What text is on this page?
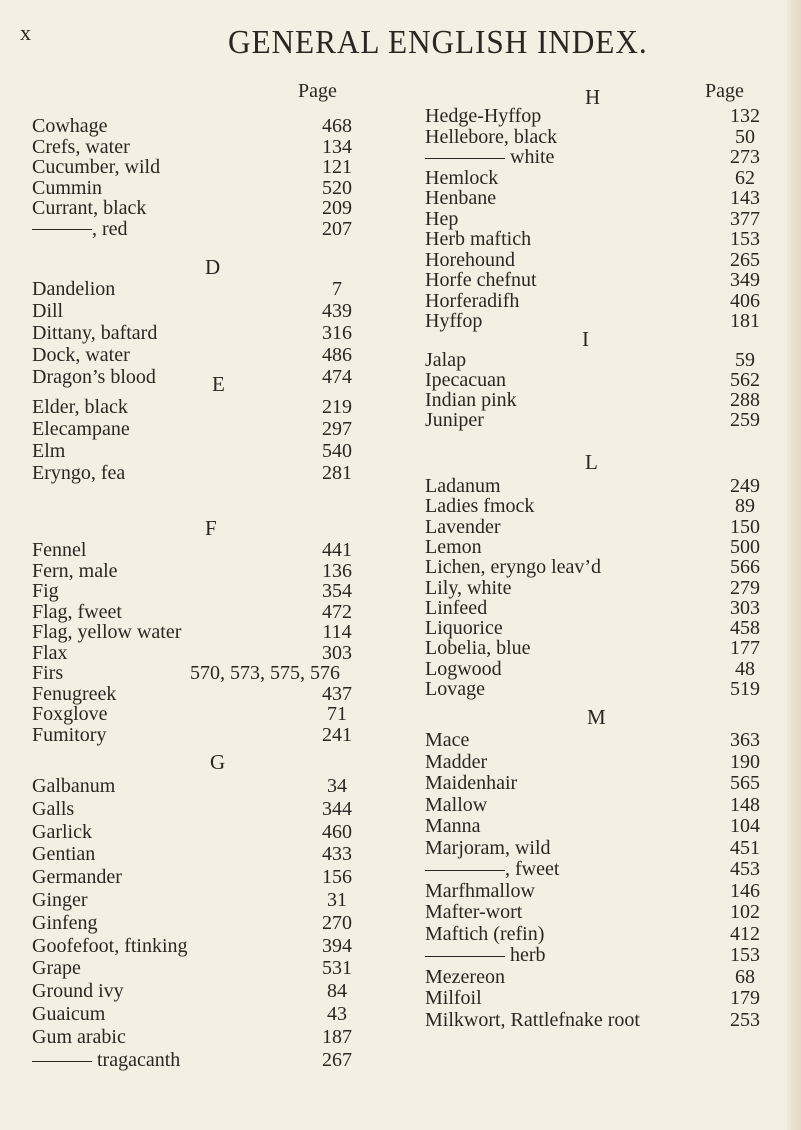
x	GENERAL ENGLISH INDEX.
Page
Cowhage	468
Crefs, water	134
Cucumber, wild	121
Cummin	520
Currant, black	209
, red	207
D
Dandelion	7
Dill	439
Dittany, baftard	316
Dock, water	486
Dragon’s blood	474
E
Elder, black	219
Elecampane	297
Elm	540
Eryngo, fea	281
F
Fennel	441
Fern, male	136
Fig	354
Flag, fweet	472
Flag, yellow water	114
Flax	303
Firs	570, 573, 575, 576
Fenugreek	437
Foxglove	71
Fumitory	241
G
Galbanum	34
Galls	344
Garlick	460
Gentian	433
Germander	156
Ginger	31
Ginfeng	270
Goofefoot, ftinking	394
Grape	531
Ground ivy	84
Guaicum	43
Gum arabic	187
tragacanth	267
Page
H
Hedge-Hyffop	132
Hellebore, black	50
white	273
Hemlock	62
Henbane	143
Hep	377
Herb maftich	153
Horehound	265
Horfe chefnut	349
Horferadifh	406
Hyffop	181
I
Jalap	59
Ipecacuan	562
Indian pink	288
Juniper	259
L
Ladanum	249
Ladies fmock	89
Lavender	150
Lemon	500
Lichen, eryngo leav’d	566
Lily, white	279
Linfeed	303
Liquorice	458
Lobelia, blue	177
Logwood	48
Lovage	519
M
Mace	363
Madder	190
Maidenhair	565
Mallow	148
Manna	104
Marjoram, wild	451
, fweet	453
Marfhmallow	146
Mafter-wort	102
Maftich (refin)	412
herb	153
Mezereon	68
Milfoil	179
Milkwort, Rattlefnake root	253
